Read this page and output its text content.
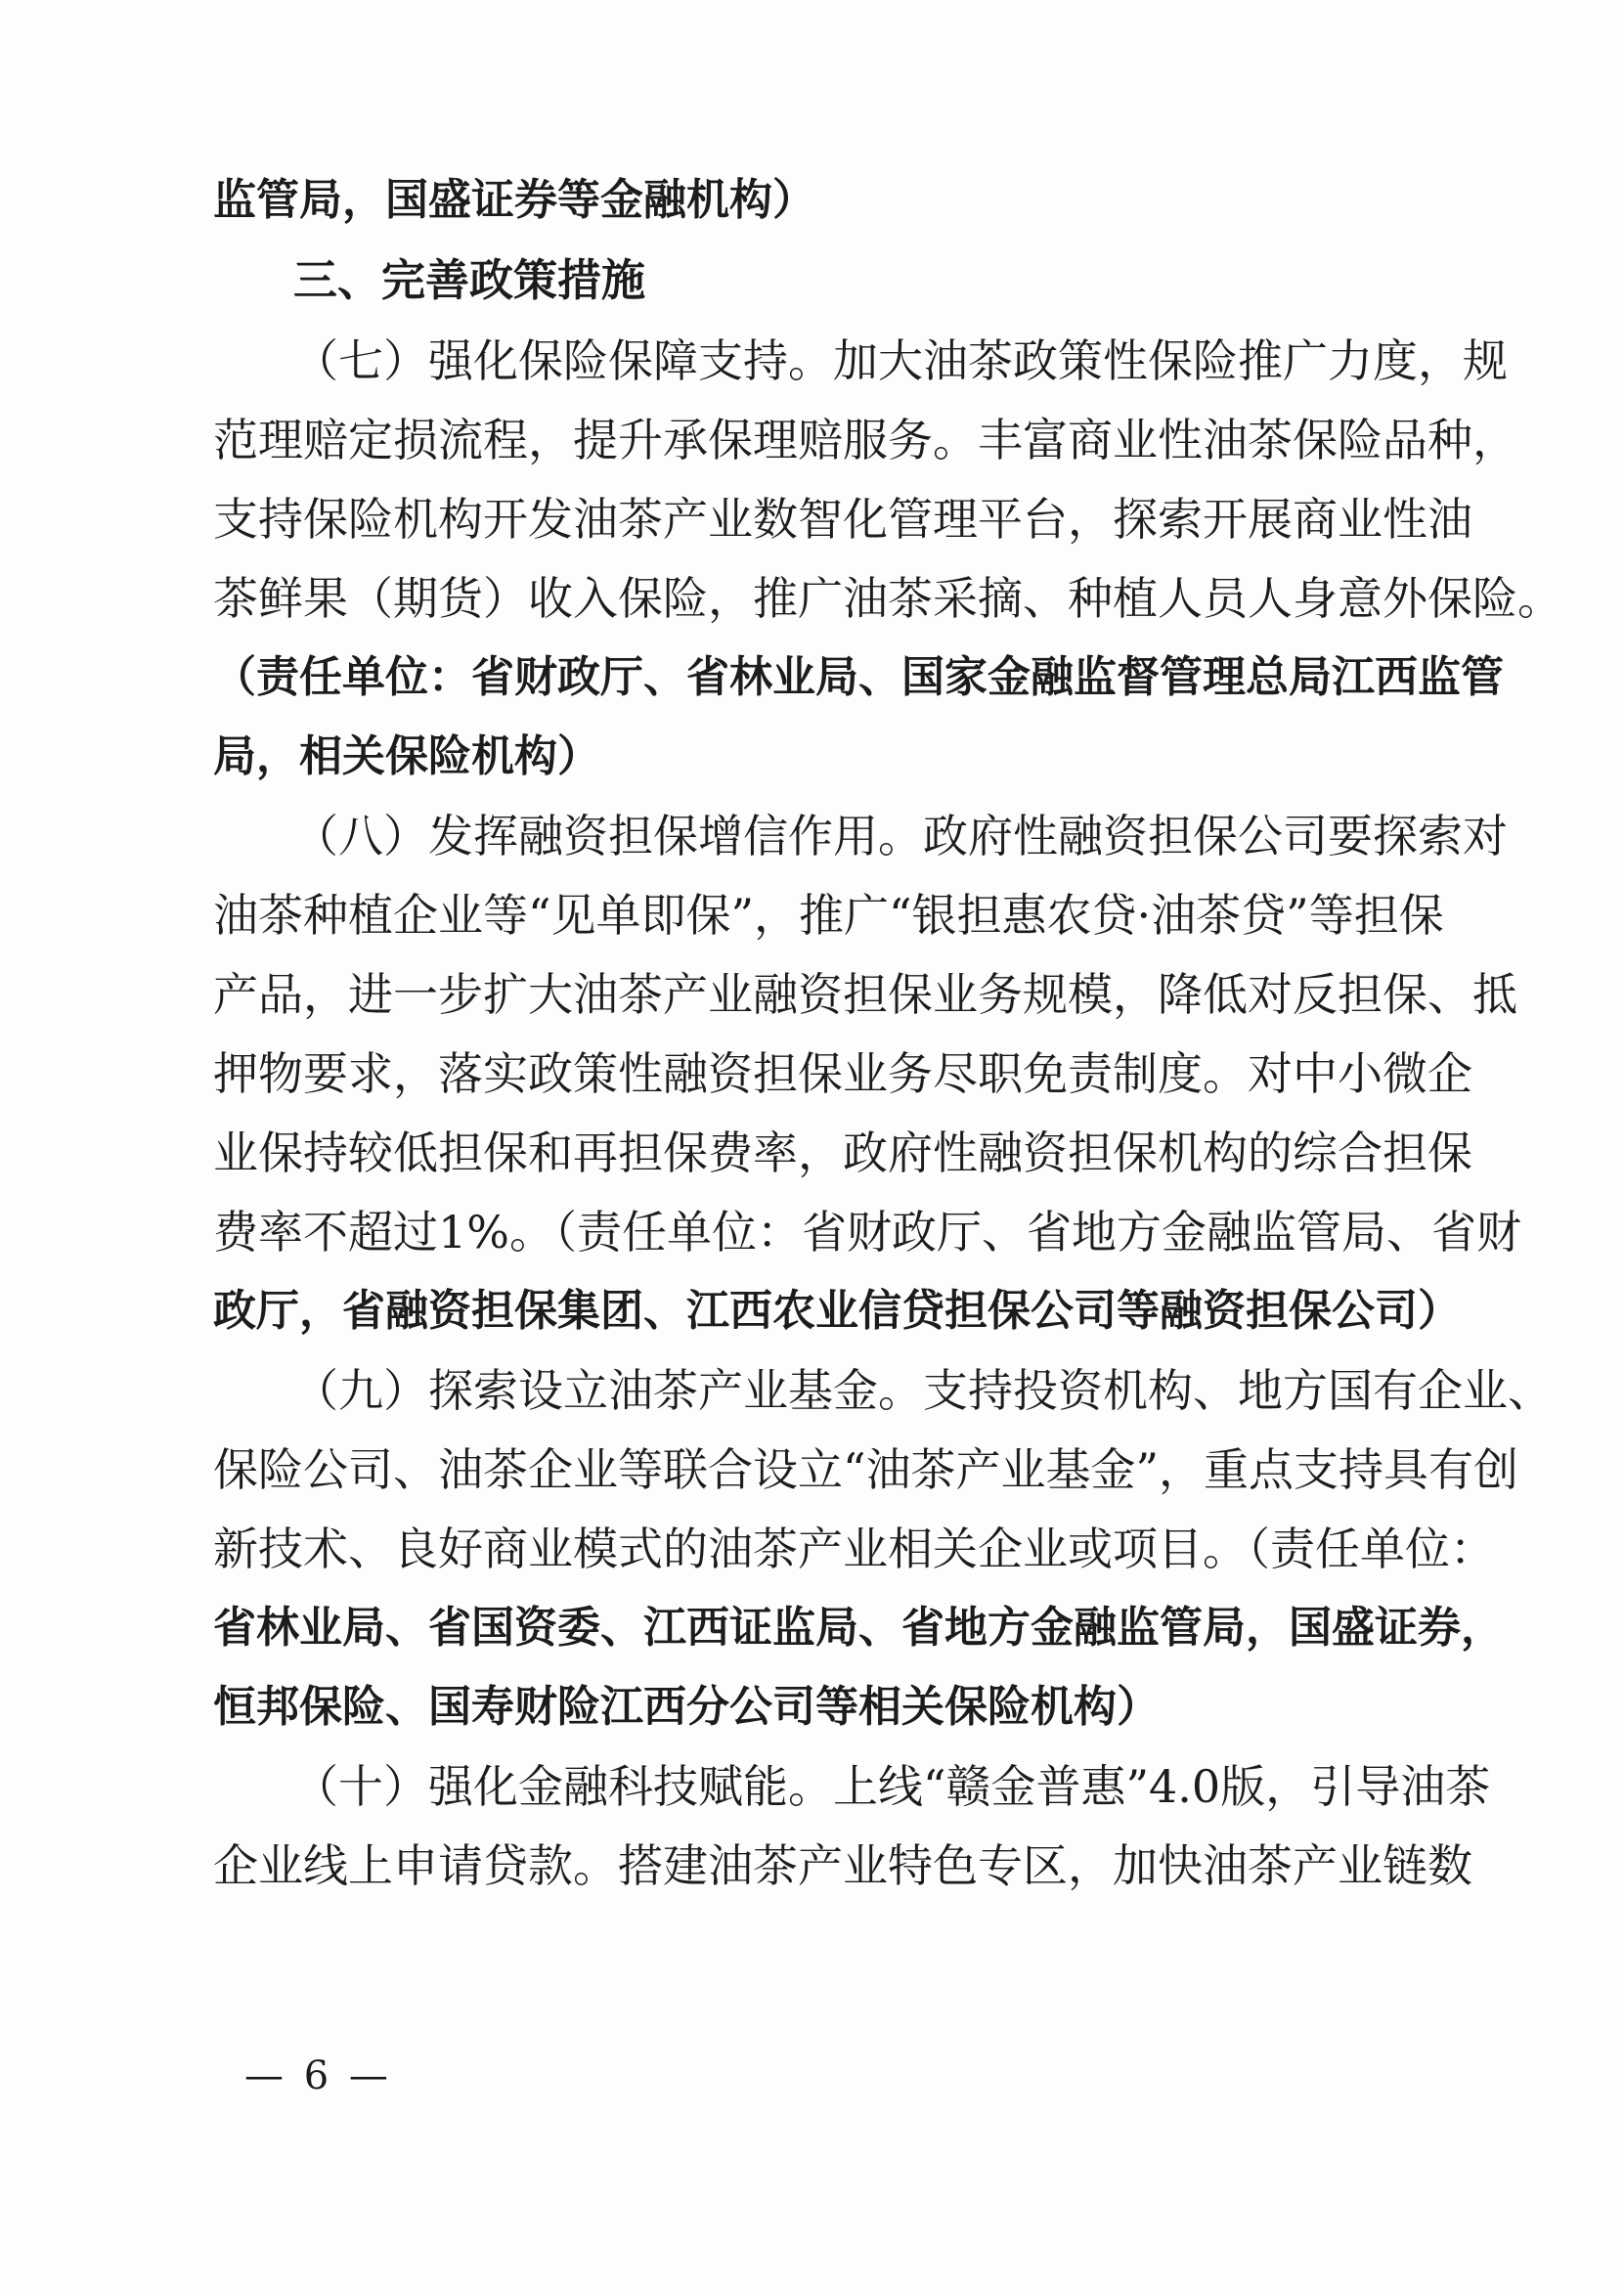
监管局，国盛证券等金融机构）
三、完善政策措施
（七）强化保险保障支持。加大油茶政策性保险推广力度，规
范理赔定损流程，提升承保理赔服务。丰富商业性油茶保险品种，
支持保险机构开发油茶产业数智化管理平台，探索开展商业性油
茶鲜果（期货）收入保险，推广油茶采摘、种植人员人身意外保险。
（责任单位：省财政厅、省林业局、国家金融监督管理总局江西监管
局，相关保险机构）
（八）发挥融资担保增信作用。政府性融资担保公司要探索对
油茶种植企业等“见单即保”，推广“银担惠农贷·油茶贷”等担保
产品，进一步扩大油茶产业融资担保业务规模，降低对反担保、抵
押物要求，落实政策性融资担保业务尽职免责制度。对中小微企
业保持较低担保和再担保费率，政府性融资担保机构的综合担保
费率不超过1%。（责任单位：省财政厅、省地方金融监管局、省财
政厅，省融资担保集团、江西农业信贷担保公司等融资担保公司）
（九）探索设立油茶产业基金。支持投资机构、地方国有企业、
保险公司、油茶企业等联合设立“油茶产业基金”，重点支持具有创
新技术、良好商业模式的油茶产业相关企业或项目。（责任单位：
省林业局、省国资委、江西证监局、省地方金融监管局，国盛证券，
恒邦保险、国寿财险江西分公司等相关保险机构）
（十）强化金融科技赋能。上线“赣金普惠”4.0版，引导油茶
企业线上申请贷款。搭建油茶产业特色专区，加快油茶产业链数
— 6 —
